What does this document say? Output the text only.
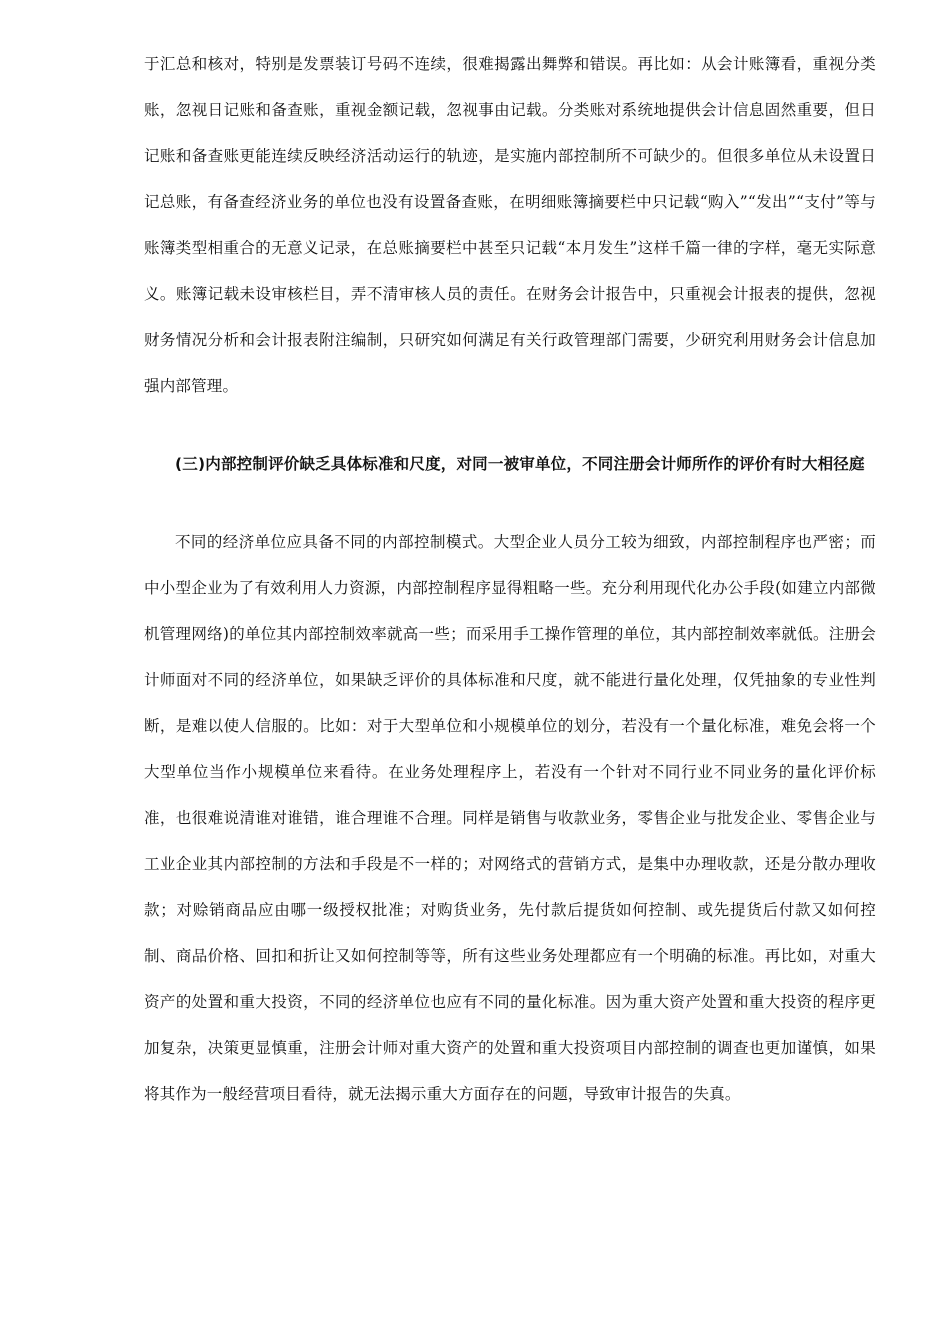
于汇总和核对，特别是发票装订号码不连续，很难揭露出舞弊和错误。再比如：从会计账簿看，重视分类账，忽视日记账和备查账，重视金额记载，忽视事由记载。分类账对系统地提供会计信息固然重要，但日记账和备查账更能连续反映经济活动运行的轨迹，是实施内部控制所不可缺少的。但很多单位从未设置日记总账，有备查经济业务的单位也没有设置备查账，在明细账簿摘要栏中只记载“购入”“发出”“支付”等与账簿类型相重合的无意义记录，在总账摘要栏中甚至只记载“本月发生”这样千篇一律的字样，毫无实际意义。账簿记载未设审核栏目，弄不清审核人员的责任。在财务会计报告中，只重视会计报表的提供，忽视财务情况分析和会计报表附注编制，只研究如何满足有关行政管理部门需要，少研究利用财务会计信息加强内部管理。

(三)内部控制评价缺乏具体标准和尺度，对同一被审单位，不同注册会计师所作的评价有时大相径庭

不同的经济单位应具备不同的内部控制模式。大型企业人员分工较为细致，内部控制程序也严密；而中小型企业为了有效利用人力资源，内部控制程序显得粗略一些。充分利用现代化办公手段(如建立内部微机管理网络)的单位其内部控制效率就高一些；而采用手工操作管理的单位，其内部控制效率就低。注册会计师面对不同的经济单位，如果缺乏评价的具体标准和尺度，就不能进行量化处理，仅凭抽象的专业性判断，是难以使人信服的。比如：对于大型单位和小规模单位的划分，若没有一个量化标准，难免会将一个大型单位当作小规模单位来看待。在业务处理程序上，若没有一个针对不同行业不同业务的量化评价标准，也很难说清谁对谁错，谁合理谁不合理。同样是销售与收款业务，零售企业与批发企业、零售企业与工业企业其内部控制的方法和手段是不一样的；对网络式的营销方式，是集中办理收款，还是分散办理收款；对赊销商品应由哪一级授权批准；对购货业务，先付款后提货如何控制、或先提货后付款又如何控制、商品价格、回扣和折让又如何控制等等，所有这些业务处理都应有一个明确的标准。再比如，对重大资产的处置和重大投资，不同的经济单位也应有不同的量化标准。因为重大资产处置和重大投资的程序更加复杂，决策更显慎重，注册会计师对重大资产的处置和重大投资项目内部控制的调查也更加谨慎，如果将其作为一般经营项目看待，就无法揭示重大方面存在的问题，导致审计报告的失真。
